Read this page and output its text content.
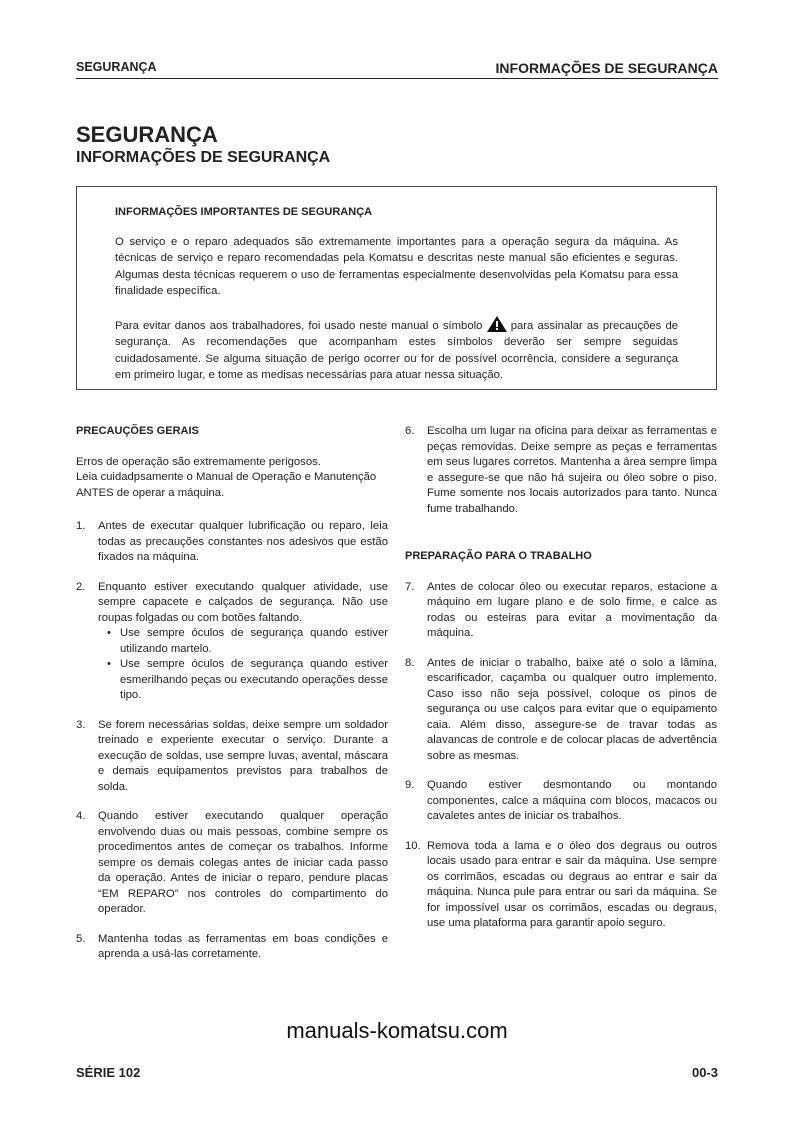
SEGURANÇA	INFORMAÇÕES DE SEGURANÇA
SEGURANÇA
INFORMAÇÕES DE SEGURANÇA
INFORMAÇÕES IMPORTANTES DE SEGURANÇA

O serviço e o reparo adequados são extremamente importantes para a operação segura da máquina. As técnicas de serviço e reparo recomendadas pela Komatsu e descritas neste manual são eficientes e seguras. Algumas desta técnicas requerem o uso de ferramentas especialmente desenvolvidas pela Komatsu para essa finalidade específica.

Para evitar danos aos trabalhadores, foi usado neste manual o símbolo	para assinalar as precauções de segurança. As recomendações que acompanham estes símbolos deverão ser sempre seguidas cuidadosamente. Se alguma situação de perigo ocorrer ou for de possível ocorrência, considere a segurança em primeiro lugar, e tome as medisas necessárias para atuar nessa situação.

PRECAUÇÕES GERAIS

Erros de operação são extremamente perigosos.

Leia cuidadpsamente o Manual de Operação e Manutenção ANTES de operar a máquina.

1.	Antes de executar qualquer lubrificação ou reparo, leia todas as precauções constantes nos adesivos que estão fixados na máquina.
2.	Enquanto estiver executando qualquer atividade, use sempre capacete e calçados de segurança. Não use roupas folgadas ou com botões faltando.
• Use sempre óculos de segurança quando estiver utilizando martelo.
• Use sempre óculos de segurança quando estiver esmerilhando peças ou executando operações desse tipo.
3.	Se forem necessárias soldas, deixe sempre um soldador treinado e experiente executar o serviço. Durante a execução de soldas, use sempre luvas, avental, máscara e demais equipamentos previstos para trabalhos de solda.
4.	Quando estiver executando qualquer operação envolvendo duas ou mais pessoas, combine sempre os procedimentos antes de começar os trabalhos. Informe sempre os demais colegas antes de iniciar cada passo da operação. Antes de iniciar o reparo, pendure placas “EM REPARO” nos controles do compartimento do operador.
5.	Mantenha todas as ferramentas em boas condições e aprenda a usá-las corretamente.
6.	Escolha um lugar na oficina para deixar as ferramentas e peças removidas. Deixe sempre as peças e ferramentas em seus lugares corretos. Mantenha a área sempre limpa e assegure-se que não há sujeira ou óleo sobre o piso. Fume somente nos locais autorizados para tanto. Nunca fume trabalhando.
PREPARAÇÃO PARA O TRABALHO
7.	Antes de colocar óleo ou executar reparos, estacione a máquino em lugare plano e de solo firme, e calce as rodas ou esteiras para evitar a movimentação da máquina.
8.	Antes de iniciar o trabalho, baixe até o solo a lâmina, escarificador, caçamba ou qualquer outro implemento. Caso isso não seja possível, coloque os pinos de segurança ou use calços para evitar que o equipamento caia. Além disso, assegure-se de travar todas as alavancas de controle e de colocar placas de advertência sobre as mesmas.
9.	Quando estiver desmontando ou montando componentes, calce a máquina com blocos, macacos ou cavaletes antes de iniciar os trabalhos.
10. Remova toda a lama e o óleo dos degraus ou outros locais usado para entrar e sair da máquina. Use sempre os corrimãos, escadas ou degraus ao entrar e sair da máquina. Nunca pule para entrar ou sari da máquina. Se for impossível usar os corrimãos, escadas ou degraus, use uma plataforma para garantir apoio seguro.
manuals-komatsu.com
SÉRIE 102	00-3
